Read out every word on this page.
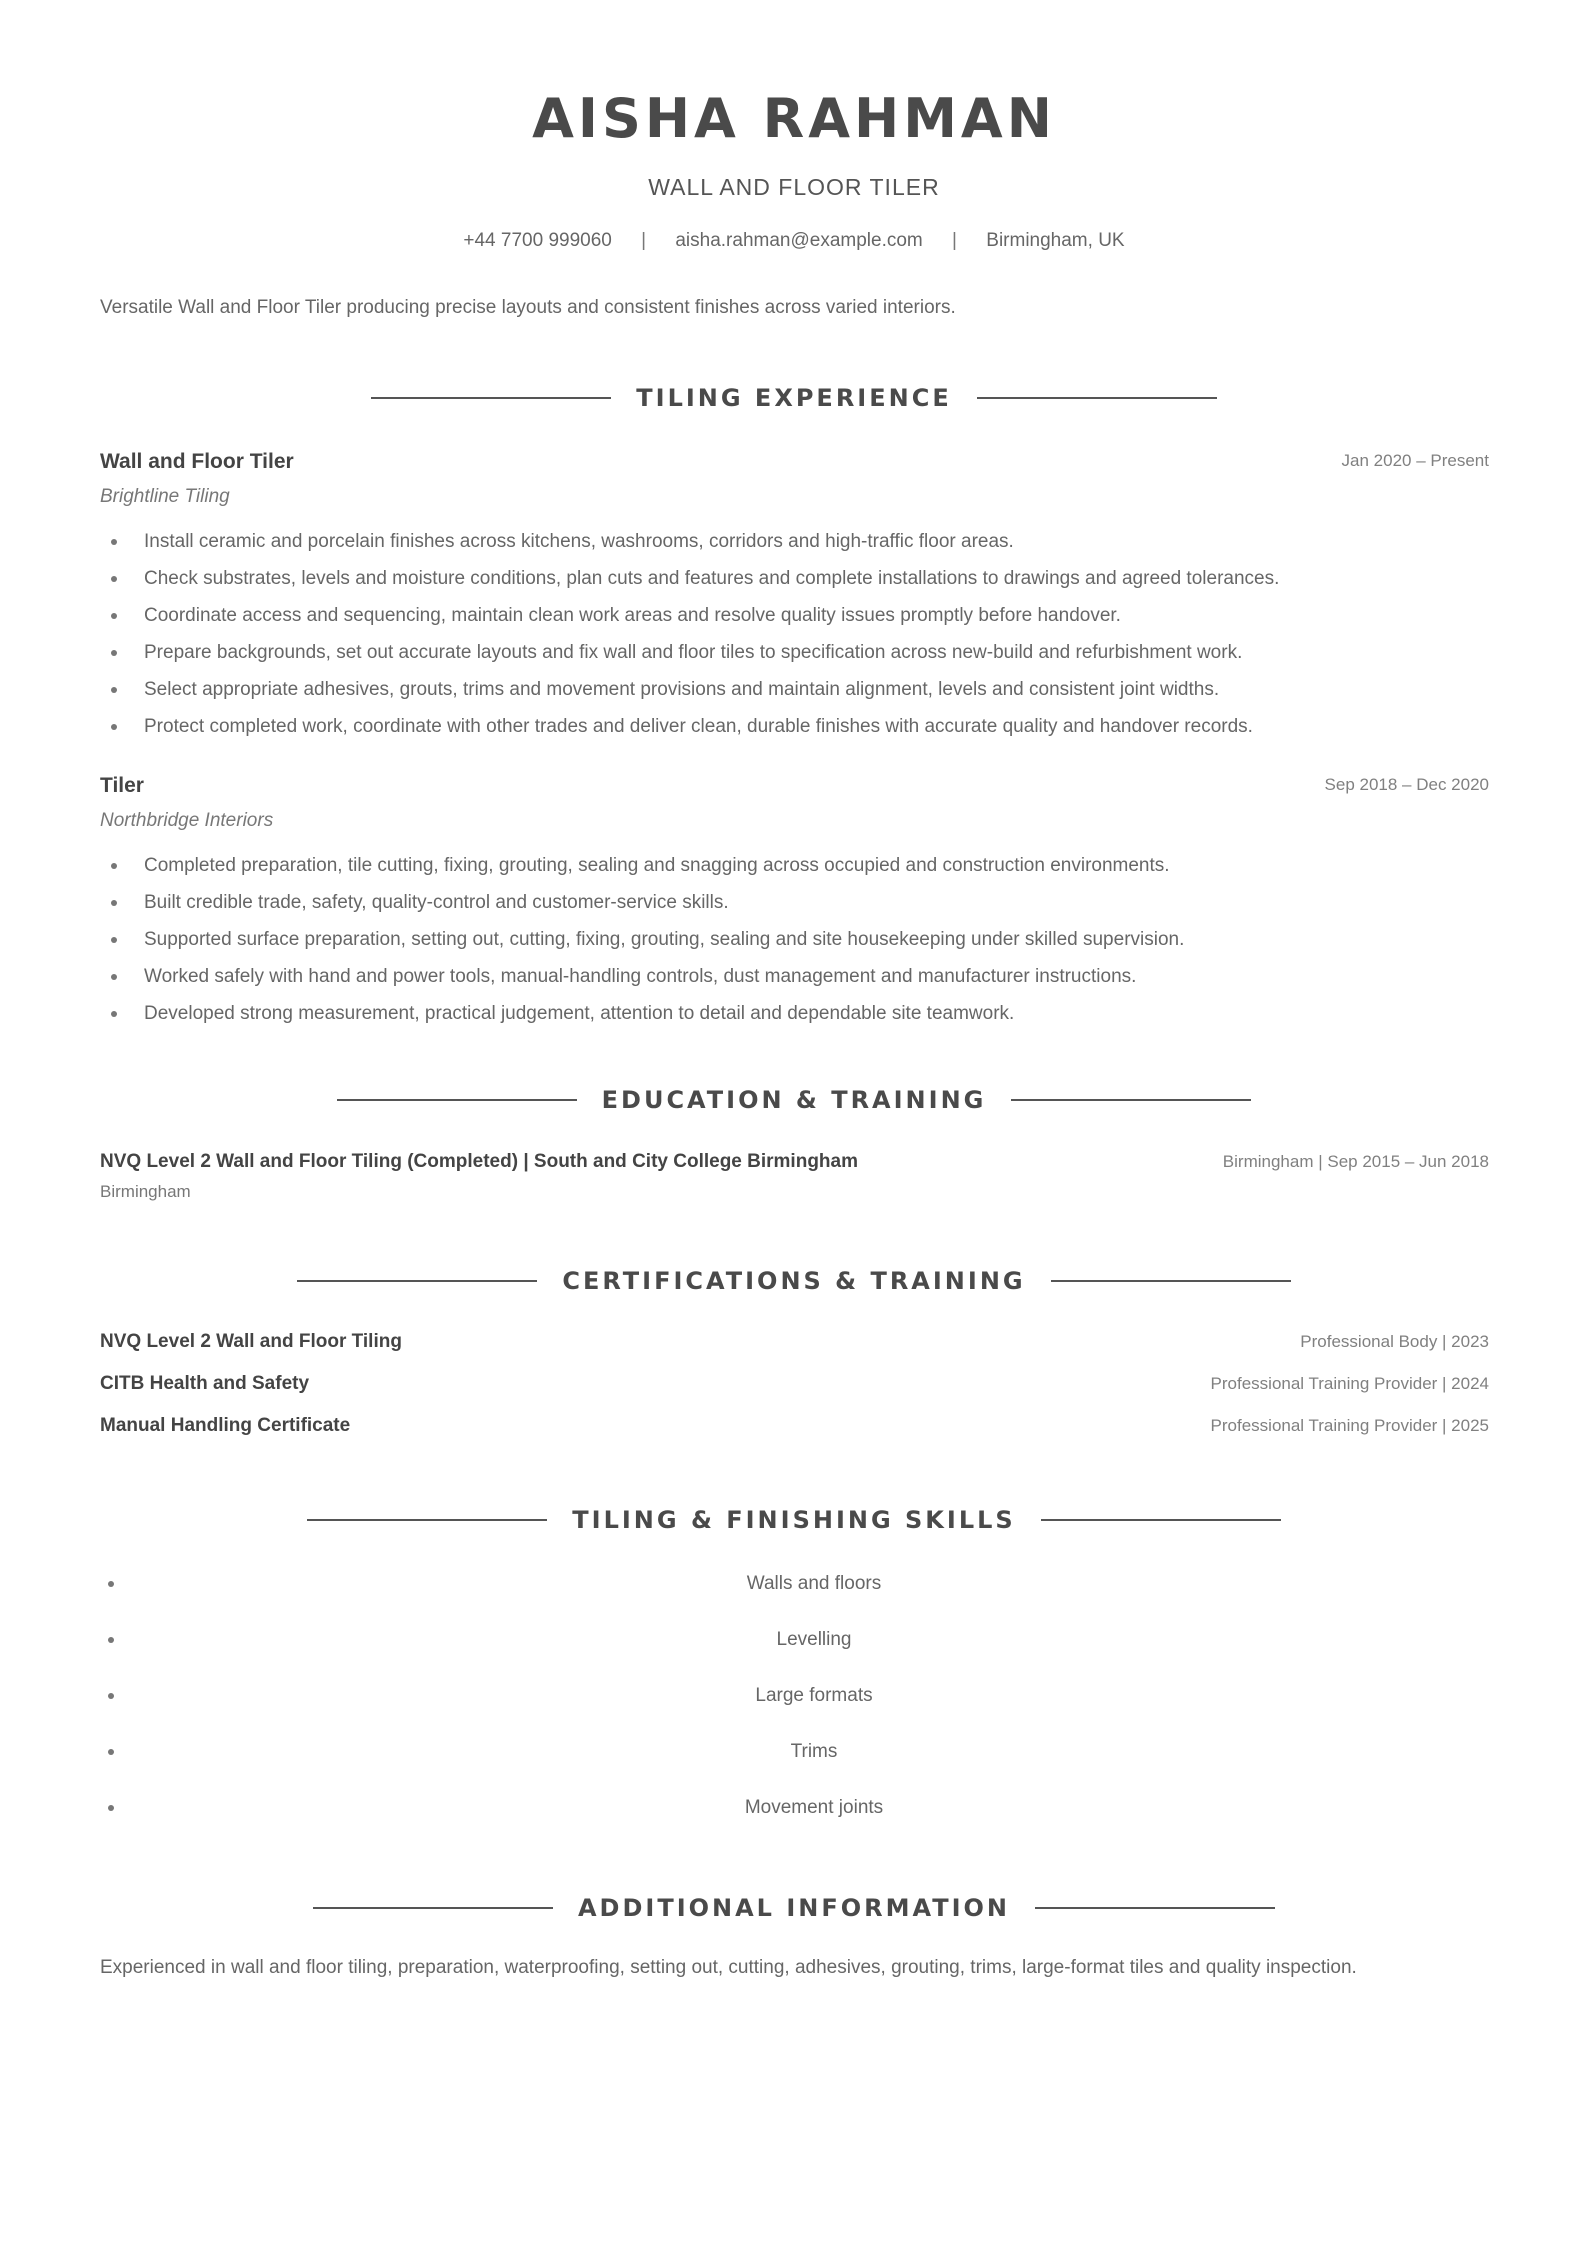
AISHA RAHMAN
WALL AND FLOOR TILER
+44 7700 999060 | aisha.rahman@example.com | Birmingham, UK
Versatile Wall and Floor Tiler producing precise layouts and consistent finishes across varied interiors.
TILING EXPERIENCE
Wall and Floor Tiler	Jan 2020 – Present
Brightline Tiling
Install ceramic and porcelain finishes across kitchens, washrooms, corridors and high-traffic floor areas.
Check substrates, levels and moisture conditions, plan cuts and features and complete installations to drawings and agreed tolerances.
Coordinate access and sequencing, maintain clean work areas and resolve quality issues promptly before handover.
Prepare backgrounds, set out accurate layouts and fix wall and floor tiles to specification across new-build and refurbishment work.
Select appropriate adhesives, grouts, trims and movement provisions and maintain alignment, levels and consistent joint widths.
Protect completed work, coordinate with other trades and deliver clean, durable finishes with accurate quality and handover records.
Tiler	Sep 2018 – Dec 2020
Northbridge Interiors
Completed preparation, tile cutting, fixing, grouting, sealing and snagging across occupied and construction environments.
Built credible trade, safety, quality-control and customer-service skills.
Supported surface preparation, setting out, cutting, fixing, grouting, sealing and site housekeeping under skilled supervision.
Worked safely with hand and power tools, manual-handling controls, dust management and manufacturer instructions.
Developed strong measurement, practical judgement, attention to detail and dependable site teamwork.
EDUCATION & TRAINING
NVQ Level 2 Wall and Floor Tiling (Completed) | South and City College Birmingham	Birmingham | Sep 2015 – Jun 2018
Birmingham
CERTIFICATIONS & TRAINING
NVQ Level 2 Wall and Floor Tiling	Professional Body | 2023
CITB Health and Safety	Professional Training Provider | 2024
Manual Handling Certificate	Professional Training Provider | 2025
TILING & FINISHING SKILLS
Walls and floors
Levelling
Large formats
Trims
Movement joints
ADDITIONAL INFORMATION
Experienced in wall and floor tiling, preparation, waterproofing, setting out, cutting, adhesives, grouting, trims, large-format tiles and quality inspection.
